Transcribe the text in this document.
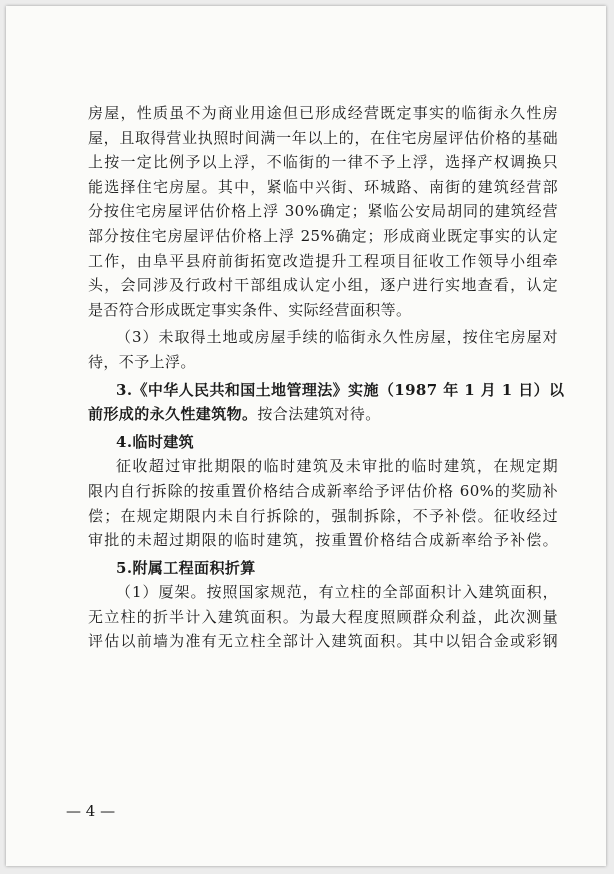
房屋，性质虽不为商业用途但已形成经营既定事实的临街永久性房
屋，且取得营业执照时间满一年以上的，在住宅房屋评估价格的基础
上按一定比例予以上浮，不临街的一律不予上浮，选择产权调换只
能选择住宅房屋。其中，紧临中兴街、环城路、南街的建筑经营部
分按住宅房屋评估价格上浮 30%确定；紧临公安局胡同的建筑经营
部分按住宅房屋评估价格上浮 25%确定；形成商业既定事实的认定
工作，由阜平县府前街拓宽改造提升工程项目征收工作领导小组牵
头，会同涉及行政村干部组成认定小组，逐户进行实地查看，认定
是否符合形成既定事实条件、实际经营面积等。
（3）未取得土地或房屋手续的临街永久性房屋，按住宅房屋对
待，不予上浮。
3.《中华人民共和国土地管理法》实施（1987 年 1 月 1 日）以
前形成的永久性建筑物。按合法建筑对待。
4.临时建筑
征收超过审批期限的临时建筑及未审批的临时建筑，在规定期
限内自行拆除的按重置价格结合成新率给予评估价格 60%的奖励补
偿；在规定期限内未自行拆除的，强制拆除，不予补偿。征收经过
审批的未超过期限的临时建筑，按重置价格结合成新率给予补偿。
5.附属工程面积折算
（1）厦架。按照国家规范，有立柱的全部面积计入建筑面积，
无立柱的折半计入建筑面积。为最大程度照顾群众利益，此次测量
评估以前墙为准有无立柱全部计入建筑面积。其中以铝合金或彩钢
— 4 —
